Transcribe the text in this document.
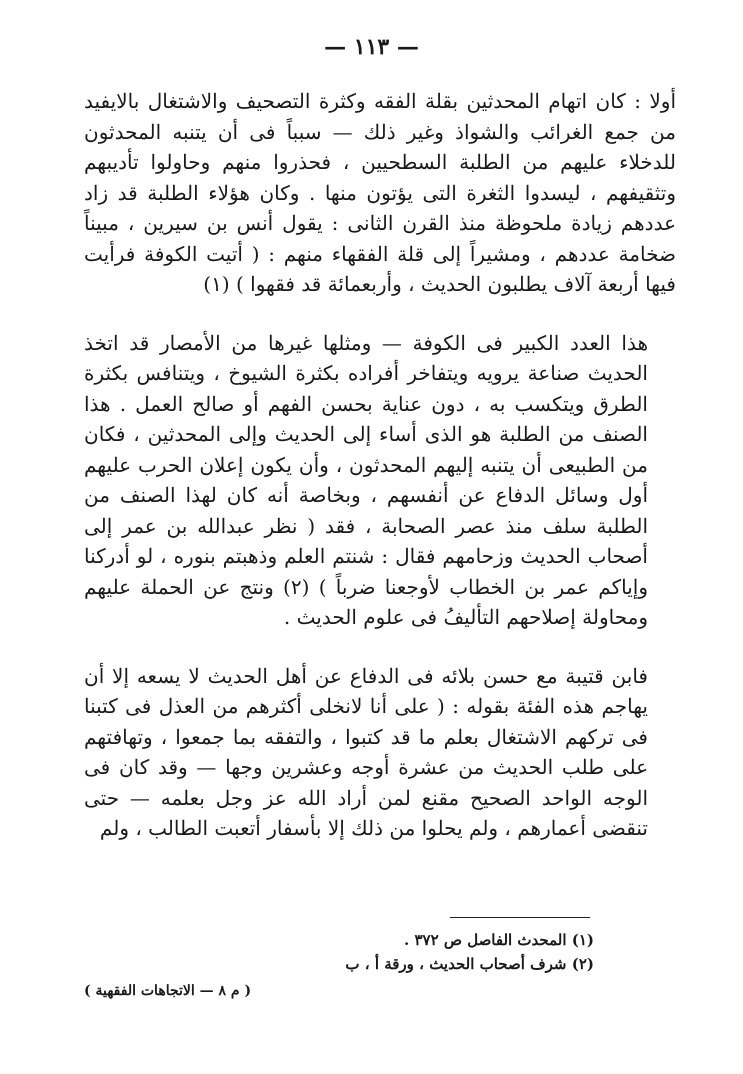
— ١١٣ —

أولا : كان اتهام المحدثين بقلة الفقه وكثرة التصحيف والاشتغال بالايفيد من جمع الغرائب والشواذ وغير ذلك — سبباً فى أن يتنبه المحدثون للدخلاء عليهم من الطلبة السطحيين ، فحذروا منهم وحاولوا تأديبهم وتثقيفهم ، ليسدوا الثغرة التى يؤتون منها . وكان هؤلاء الطلبة قد زاد عددهم زيادة ملحوظة منذ القرن الثانى : يقول أنس بن سيرين ، مبيناً ضخامة عددهم ، ومشيراً إلى قلة الفقهاء منهم : ( أتيت الكوفة فرأيت فيها أربعة آلاف يطلبون الحديث ، وأربعمائة قد فقهوا ) (١)

هذا العدد الكبير فى الكوفة — ومثلها غيرها من الأمصار قد اتخذ الحديث صناعة يرويه ويتفاخر أفراده بكثرة الشيوخ ، ويتنافس بكثرة الطرق ويتكسب به ، دون عناية بحسن الفهم أو صالح العمل . هذا الصنف من الطلبة هو الذى أساء إلى الحديث وإلى المحدثين ، فكان من الطبيعى أن يتنبه إليهم المحدثون ، وأن يكون إعلان الحرب عليهم أول وسائل الدفاع عن أنفسهم ، وبخاصة أنه كان لهذا الصنف من الطلبة سلف منذ عصر الصحابة ، فقد ( نظر عبدالله بن عمر إلى أصحاب الحديث وزحامهم فقال : شنتم العلم وذهبتم بنوره ، لو أدركنا وإياكم عمر بن الخطاب لأوجعنا ضرباً ) (٢) ونتج عن الحملة عليهم ومحاولة إصلاحهم التأليفُ فى علوم الحديث .

فابن قتيبة مع حسن بلائه فى الدفاع عن أهل الحديث لا يسعه إلا أن يهاجم هذه الفئة بقوله : ( على أنا لانخلى أكثرهم من العذل فى كتبنا فى تركهم الاشتغال بعلم ما قد كتبوا ، والتفقه بما جمعوا ، وتهافتهم على طلب الحديث من عشرة أوجه وعشرين وجها — وقد كان فى الوجه الواحد الصحيح مقنع لمن أراد الله عز وجل بعلمه — حتى تنقضى أعمارهم ، ولم يحلوا من ذلك إلا بأسفار أتعبت الطالب ، ولم

(١) المحدث الفاصل ص ٣٧٢ .

(٢) شرف أصحاب الحديث ، ورقة أ ، ب

( م ٨ — الاتجاهات الفقهية )
